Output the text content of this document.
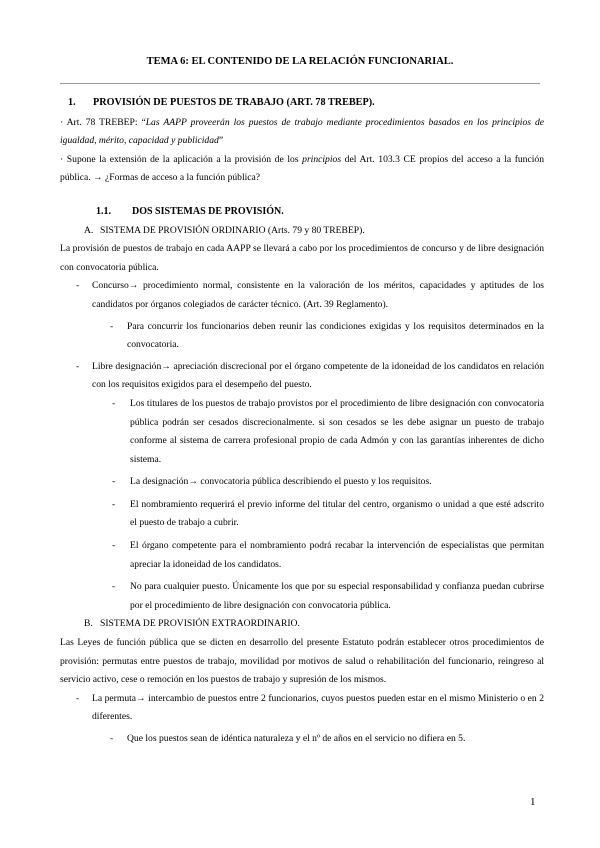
TEMA 6: EL CONTENIDO DE LA RELACIÓN FUNCIONARIAL.
1.	PROVISIÓN DE PUESTOS DE TRABAJO (ART. 78 TREBEP).
· Art. 78 TREBEP: “Las AAPP proveerán los puestos de trabajo mediante procedimientos basados en los principios de igualdad, mérito, capacidad y publicidad”
· Supone la extensión de la aplicación a la provisión de los principios del Art. 103.3 CE propios del acceso a la función pública. → ¿Formas de acceso a la función pública?
1.1.	DOS SISTEMAS DE PROVISIÓN.
A. SISTEMA DE PROVISIÓN ORDINARIO (Arts. 79 y 80 TREBEP).
La provisión de puestos de trabajo en cada AAPP se llevará a cabo por los procedimientos de concurso y de libre designación con convocatoria pública.
-	Concurso→ procedimiento normal, consistente en la valoración de los méritos, capacidades y aptitudes de los candidatos por órganos colegiados de carácter técnico. (Art. 39 Reglamento).
-	Para concurrir los funcionarios deben reunir las condiciones exigidas y los requisitos determinados en la convocatoria.
-	Libre designación→ apreciación discrecional por el órgano competente de la idoneidad de los candidatos en relación con los requisitos exigidos para el desempeño del puesto.
-	Los titulares de los puestos de trabajo provistos por el procedimiento de libre designación con convocatoria pública podrán ser cesados discrecionalmente. si son cesados se les debe asignar un puesto de trabajo conforme al sistema de carrera profesional propio de cada Admón y con las garantías inherentes de dicho sistema.
-	La designación→ convocatoria pública describiendo el puesto y los requisitos.
-	El nombramiento requerirá el previo informe del titular del centro, organismo o unidad a que esté adscrito el puesto de trabajo a cubrir.
-	El órgano competente para el nombramiento podrá recabar la intervención de especialistas que permitan apreciar la idoneidad de los candidatos.
-	No para cualquier puesto. Únicamente los que por su especial responsabilidad y confianza puedan cubrirse por el procedimiento de libre designación con convocatoria pública.
B. SISTEMA DE PROVISIÓN EXTRAORDINARIO.
Las Leyes de función pública que se dicten en desarrollo del presente Estatuto podrán establecer otros procedimientos de provisión: permutas entre puestos de trabajo, movilidad por motivos de salud o rehabilitación del funcionario, reingreso al servicio activo, cese o remoción en los puestos de trabajo y supresión de los mismos.
-	La permuta→ intercambio de puestos entre 2 funcionarios, cuyos puestos pueden estar en el mismo Ministerio o en 2 diferentes.
-	Que los puestos sean de idéntica naturaleza y el nº de años en el servicio no difiera en 5.
1
